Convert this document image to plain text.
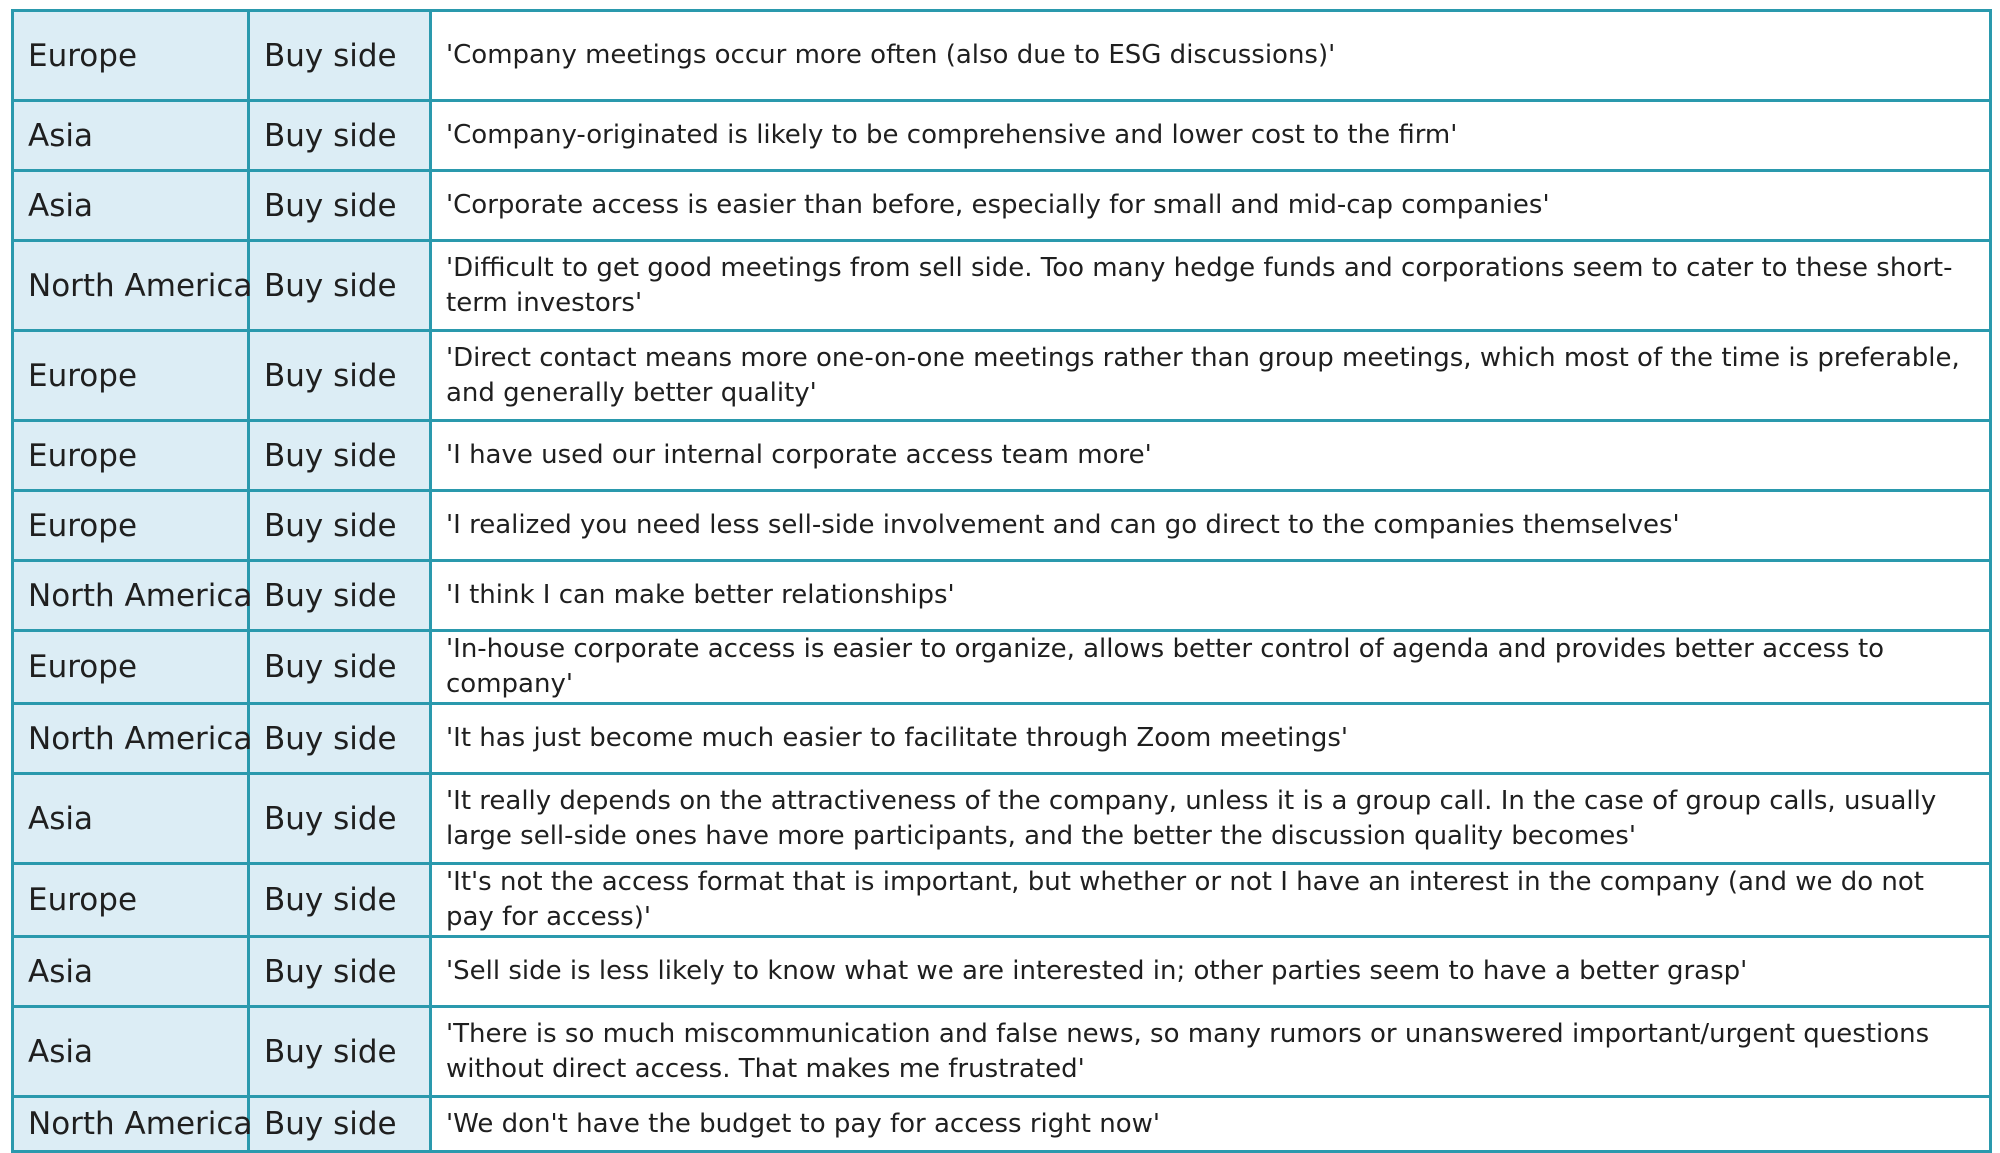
Europe	Buy side	'Company meetings occur more often (also due to ESG discussions)'
Asia	Buy side	'Company-originated is likely to be comprehensive and lower cost to the firm'
Asia	Buy side	'Corporate access is easier than before, especially for small and mid-cap companies'
North America	Buy side	'Difficult to get good meetings from sell side. Too many hedge funds and corporations seem to cater to these short-term investors'
Europe	Buy side	'Direct contact means more one-on-one meetings rather than group meetings, which most of the time is preferable, and generally better quality'
Europe	Buy side	'I have used our internal corporate access team more'
Europe	Buy side	'I realized you need less sell-side involvement and can go direct to the companies themselves'
North America	Buy side	'I think I can make better relationships'
Europe	Buy side	'In-house corporate access is easier to organize, allows better control of agenda and provides better access to company'
North America	Buy side	'It has just become much easier to facilitate through Zoom meetings'
Asia	Buy side	'It really depends on the attractiveness of the company, unless it is a group call. In the case of group calls, usually large sell-side ones have more participants, and the better the discussion quality becomes'
Europe	Buy side	'It's not the access format that is important, but whether or not I have an interest in the company (and we do not pay for access)'
Asia	Buy side	'Sell side is less likely to know what we are interested in; other parties seem to have a better grasp'
Asia	Buy side	'There is so much miscommunication and false news, so many rumors or unanswered important/urgent questions without direct access. That makes me frustrated'
North America	Buy side	'We don't have the budget to pay for access right now'
